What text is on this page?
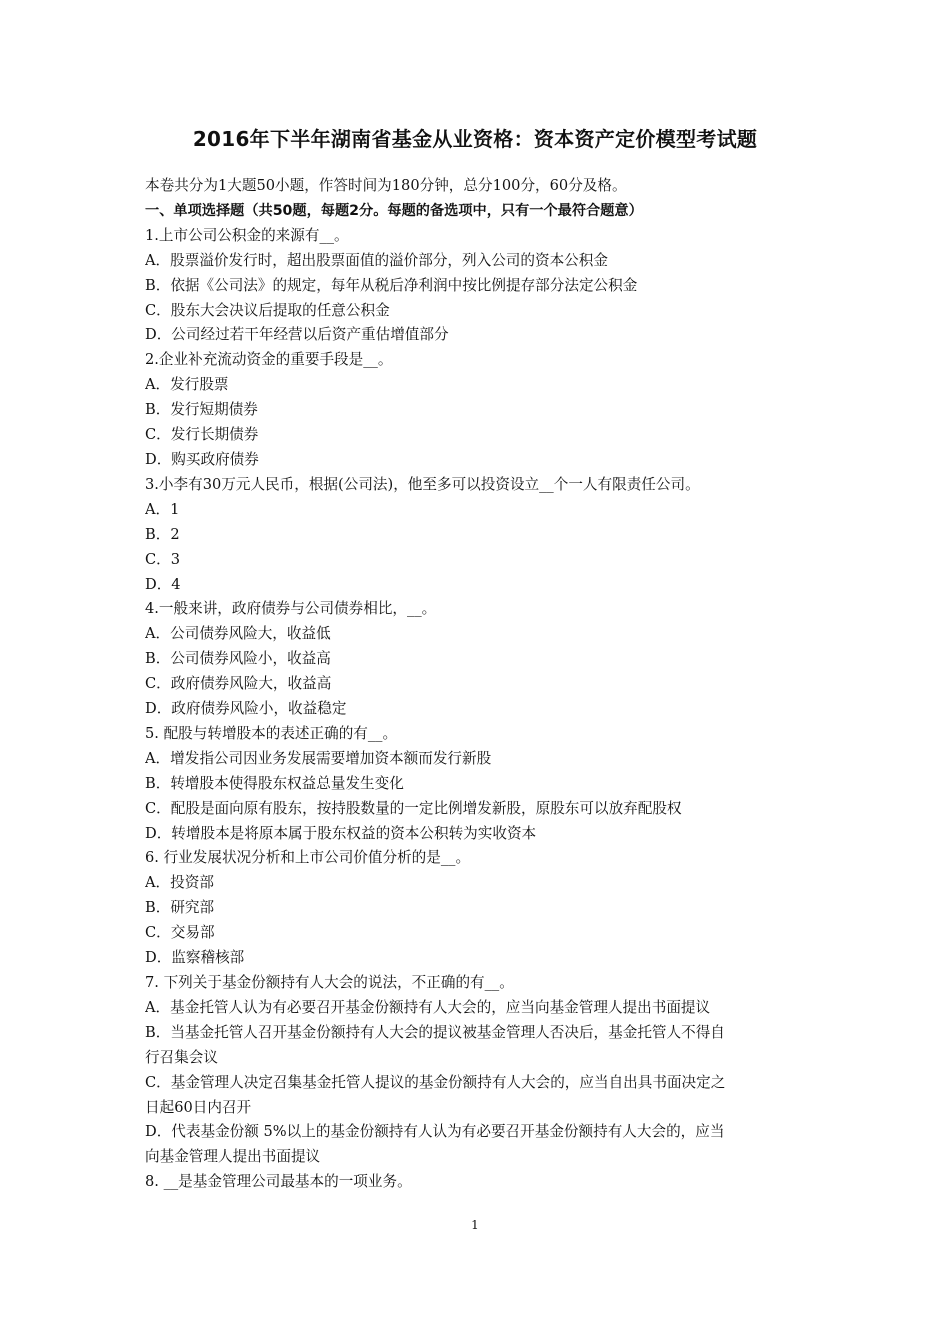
2016年下半年湖南省基金从业资格：资本资产定价模型考试题
本卷共分为1大题50小题，作答时间为180分钟，总分100分，60分及格。
一、单项选择题（共50题，每题2分。每题的备选项中，只有一个最符合题意）
1.上市公司公积金的来源有__。
A．股票溢价发行时，超出股票面值的溢价部分，列入公司的资本公积金
B．依据《公司法》的规定，每年从税后净利润中按比例提存部分法定公积金
C．股东大会决议后提取的任意公积金
D．公司经过若干年经营以后资产重估增值部分
2.企业补充流动资金的重要手段是__。
A．发行股票
B．发行短期债券
C．发行长期债券
D．购买政府债券
3.小李有30万元人民币，根据(公司法)，他至多可以投资设立__个一人有限责任公司。
A．1
B．2
C．3
D．4
4.一般来讲，政府债券与公司债券相比，__。
A．公司债券风险大，收益低
B．公司债券风险小，收益高
C．政府债券风险大，收益高
D．政府债券风险小，收益稳定
5. 配股与转增股本的表述正确的有__。
A．增发指公司因业务发展需要增加资本额而发行新股
B．转增股本使得股东权益总量发生变化
C．配股是面向原有股东，按持股数量的一定比例增发新股，原股东可以放弃配股权
D．转增股本是将原本属于股东权益的资本公积转为实收资本
6. 行业发展状况分析和上市公司价值分析的是__。
A．投资部
B．研究部
C．交易部
D．监察稽核部
7. 下列关于基金份额持有人大会的说法，不正确的有__。
A．基金托管人认为有必要召开基金份额持有人大会的，应当向基金管理人提出书面提议
B．当基金托管人召开基金份额持有人大会的提议被基金管理人否决后，基金托管人不得自
行召集会议
C．基金管理人决定召集基金托管人提议的基金份额持有人大会的，应当自出具书面决定之
日起60日内召开
D．代表基金份额 5%以上的基金份额持有人认为有必要召开基金份额持有人大会的，应当
向基金管理人提出书面提议
8. __是基金管理公司最基本的一项业务。
1
